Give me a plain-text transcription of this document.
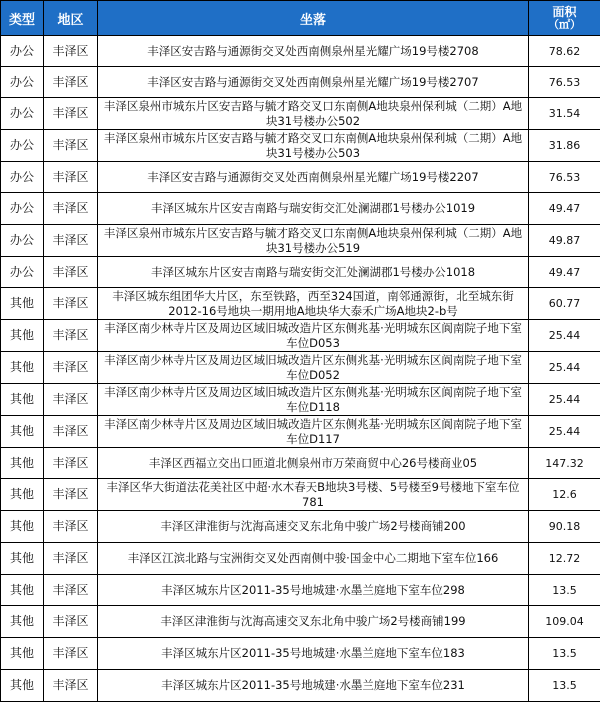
类型	地区	坐落	面积
（㎡）

办公	丰泽区	丰泽区安吉路与通源街交叉处西南侧泉州星光耀广场19号楼2708	78.62
办公	丰泽区	丰泽区安吉路与通源街交叉处西南侧泉州星光耀广场19号楼2707	76.53
办公	丰泽区	丰泽区泉州市城东片区安吉路与毓才路交叉口东南侧A地块泉州保利城（二期）A地块31号楼办公502	31.54
办公	丰泽区	丰泽区泉州市城东片区安吉路与毓才路交叉口东南侧A地块泉州保利城（二期）A地块31号楼办公503	31.86
办公	丰泽区	丰泽区安吉路与通源街交叉处西南侧泉州星光耀广场19号楼2207	76.53
办公	丰泽区	丰泽区城东片区安吉南路与瑞安街交汇处澜湖郡1号楼办公1019	49.47
办公	丰泽区	丰泽区泉州市城东片区安吉路与毓才路交叉口东南侧A地块泉州保利城（二期）A地块31号楼办公519	49.87
办公	丰泽区	丰泽区城东片区安吉南路与瑞安街交汇处澜湖郡1号楼办公1018	49.47
其他	丰泽区	丰泽区城东组团华大片区，东至铁路，西至324国道，南邻通源街，北至城东街2012-16号地块一期用地A地块华大泰禾广场A地块2-b号	60.77
其他	丰泽区	丰泽区南少林寺片区及周边区域旧城改造片区东侧兆基·光明城东区阆南院子地下室车位D053	25.44
其他	丰泽区	丰泽区南少林寺片区及周边区域旧城改造片区东侧兆基·光明城东区阆南院子地下室车位D052	25.44
其他	丰泽区	丰泽区南少林寺片区及周边区域旧城改造片区东侧兆基·光明城东区阆南院子地下室车位D118	25.44
其他	丰泽区	丰泽区南少林寺片区及周边区域旧城改造片区东侧兆基·光明城东区阆南院子地下室车位D117	25.44
其他	丰泽区	丰泽区西福立交出口匝道北侧泉州市万荣商贸中心26号楼商业05	147.32
其他	丰泽区	丰泽区华大街道法花美社区中超·水木春天B地块3号楼、5号楼至9号楼地下室车位781	12.6
其他	丰泽区	丰泽区津淮街与沈海高速交叉东北角中骏广场2号楼商铺200	90.18
其他	丰泽区	丰泽区江滨北路与宝洲街交叉处西南侧中骏·国金中心二期地下室车位166	12.72
其他	丰泽区	丰泽区城东片区2011-35号地城建·水墨兰庭地下室车位298	13.5
其他	丰泽区	丰泽区津淮街与沈海高速交叉东北角中骏广场2号楼商铺199	109.04
其他	丰泽区	丰泽区城东片区2011-35号地城建·水墨兰庭地下室车位183	13.5
其他	丰泽区	丰泽区城东片区2011-35号地城建·水墨兰庭地下室车位231	13.5
